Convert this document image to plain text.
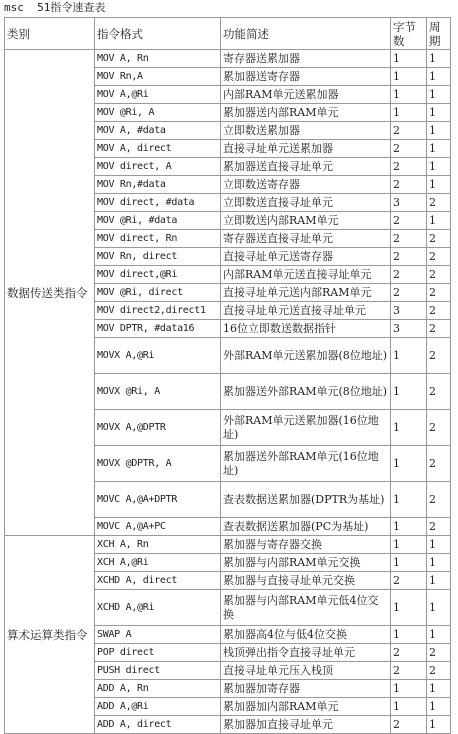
msc  51指令速查表
类别	指令格式	功能简述	字节数	周期
数据传送类指令	MOV A, Rn	寄存器送累加器	1	1
	MOV Rn,A	累加器送寄存器	1	1
	MOV A,@Ri	内部RAM单元送累加器	1	1
	MOV @Ri, A	累加器送内部RAM单元	1	1
	MOV A, #data	立即数送累加器	2	1
	MOV A, direct	直接寻址单元送累加器	2	1
	MOV direct, A	累加器送直接寻址单元	2	1
	MOV Rn,#data	立即数送寄存器	2	1
	MOV direct, #data	立即数送直接寻址单元	3	2
	MOV @Ri, #data	立即数送内部RAM单元	2	1
	MOV direct, Rn	寄存器送直接寻址单元	2	2
	MOV Rn, direct	直接寻址单元送寄存器	2	2
	MOV direct,@Ri	内部RAM单元送直接寻址单元	2	2
	MOV @Ri, direct	直接寻址单元送内部RAM单元	2	2
	MOV direct2,direct1	直接寻址单元送直接寻址单元	3	2
	MOV DPTR, #data16	16位立即数送数据指针	3	2
	MOVX A,@Ri	外部RAM单元送累加器(8位地址)	1	2
	MOVX @Ri, A	累加器送外部RAM单元(8位地址)	1	2
	MOVX A,@DPTR	外部RAM单元送累加器(16位地址)	1	2
	MOVX @DPTR, A	累加器送外部RAM单元(16位地址)	1	2
	MOVC A,@A+DPTR	查表数据送累加器(DPTR为基址)	1	2
	MOVC A,@A+PC	查表数据送累加器(PC为基址)	1	2
算术运算类指令	XCH A, Rn	累加器与寄存器交换	1	1
	XCH A,@Ri	累加器与内部RAM单元交换	1	1
	XCHD A, direct	累加器与直接寻址单元交换	2	1
	XCHD A,@Ri	累加器与内部RAM单元低4位交换	1	1
	SWAP A	累加器高4位与低4位交换	1	1
	POP direct	栈顶弹出指令直接寻址单元	2	2
	PUSH direct	直接寻址单元压入栈顶	2	2
	ADD A, Rn	累加器加寄存器	1	1
	ADD A,@Ri	累加器加内部RAM单元	1	1
	ADD A, direct	累加器加直接寻址单元	2	1
